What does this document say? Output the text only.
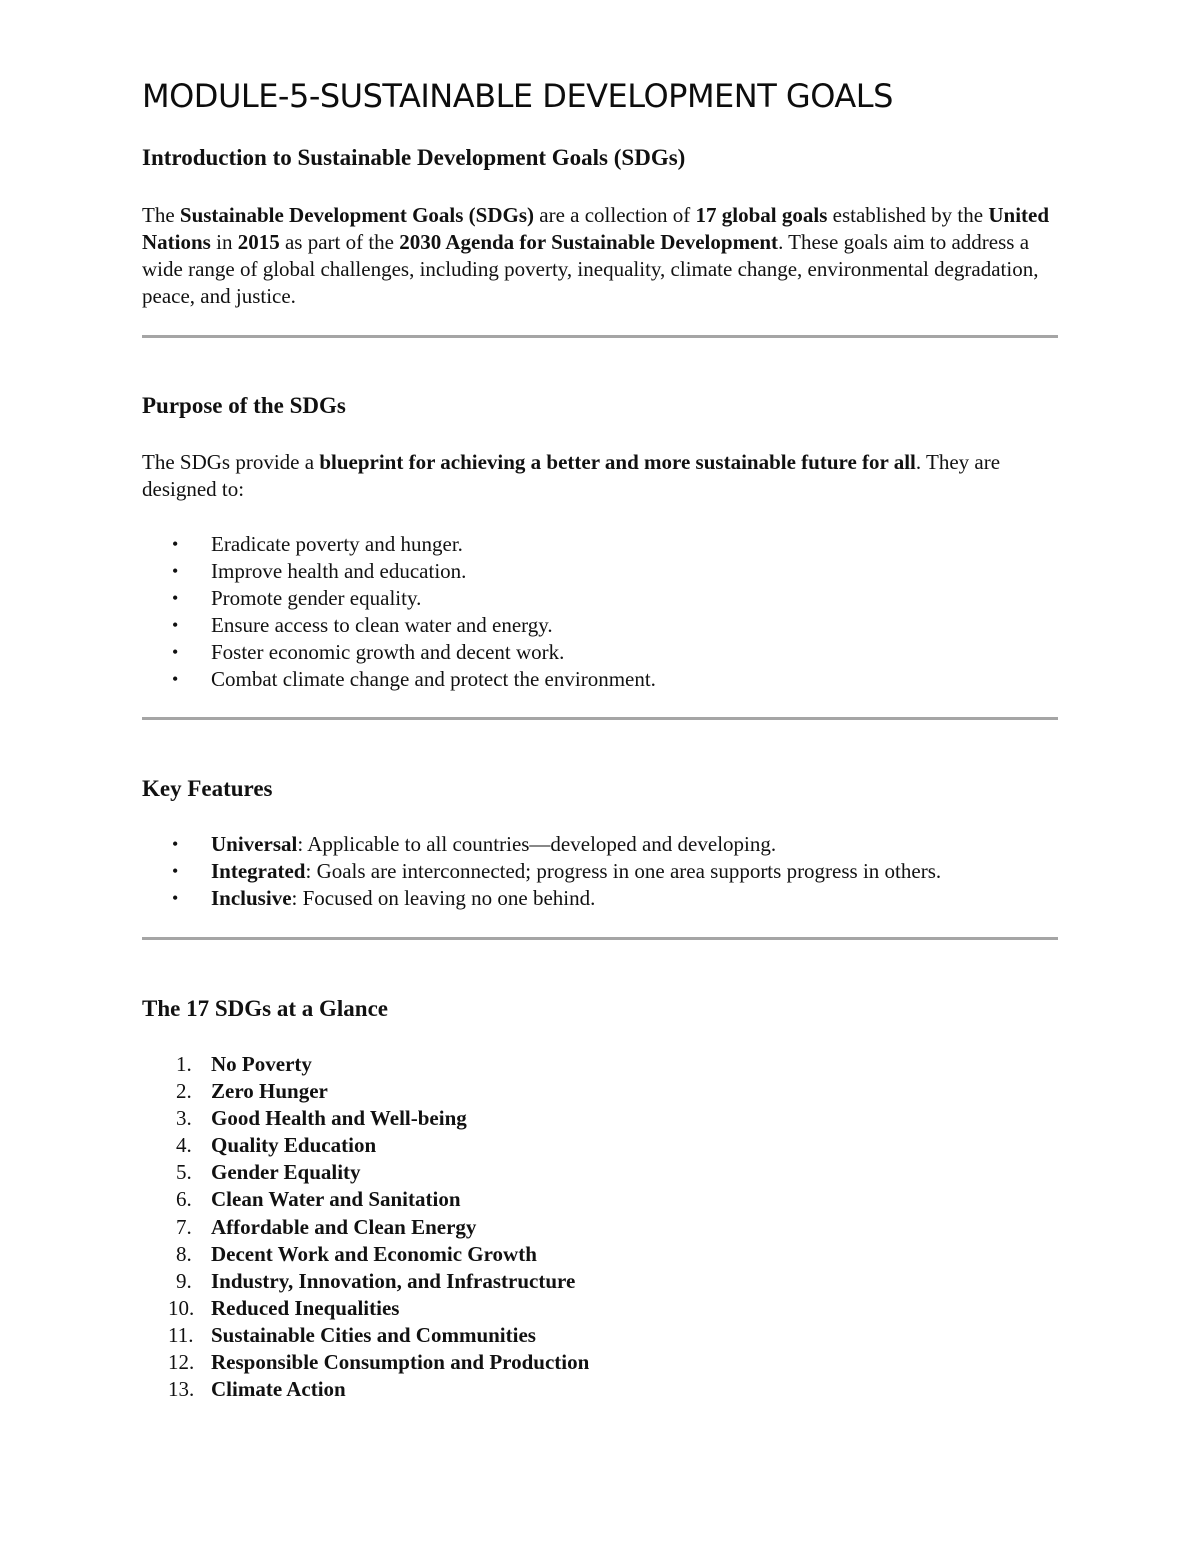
MODULE-5-SUSTAINABLE DEVELOPMENT GOALS
Introduction to Sustainable Development Goals (SDGs)

The Sustainable Development Goals (SDGs) are a collection of 17 global goals established by the United Nations in 2015 as part of the 2030 Agenda for Sustainable Development. These goals aim to address a wide range of global challenges, including poverty, inequality, climate change, environmental degradation, peace, and justice.

Purpose of the SDGs

The SDGs provide a blueprint for achieving a better and more sustainable future for all. They are designed to:

• Eradicate poverty and hunger.
• Improve health and education.
• Promote gender equality.
• Ensure access to clean water and energy.
• Foster economic growth and decent work.
• Combat climate change and protect the environment.
Key Features
• Universal: Applicable to all countries—developed and developing.
• Integrated: Goals are interconnected; progress in one area supports progress in others.
• Inclusive: Focused on leaving no one behind.
The 17 SDGs at a Glance
1. No Poverty
2. Zero Hunger
3. Good Health and Well-being
4. Quality Education
5. Gender Equality
6. Clean Water and Sanitation
7. Affordable and Clean Energy
8. Decent Work and Economic Growth
9. Industry, Innovation, and Infrastructure
10. Reduced Inequalities
11. Sustainable Cities and Communities
12. Responsible Consumption and Production
13. Climate Action
